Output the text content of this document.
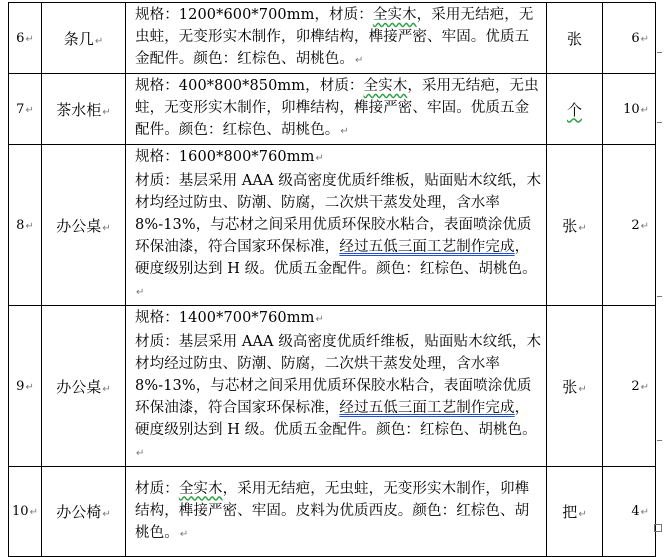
6↵	条几↵	规格：1200*600*700mm，材质：全实木，采用无结疤，无虫蛀，无变形实木制作，卯榫结构，榫接严密、牢固。优质五金配件。颜色：红棕色、胡桃色。↵	张	6↵
7↵	茶水柜↵	规格：400*800*850mm，材质：全实木，采用无结疤，无虫蛀，无变形实木制作，卯榫结构，榫接严密、牢固。优质五金配件。颜色：红棕色、胡桃色。↵	个	10↵
8↵	办公桌↵	规格：1600*800*760mm↵
材质：基层采用 AAA 级高密度优质纤维板，贴面贴木纹纸，木材均经过防虫、防潮、防腐，二次烘干蒸发处理，含水率 8%-13%，与芯材之间采用优质环保胶水粘合，表面喷涂优质环保油漆，符合国家环保标准，经过五低三面工艺制作完成，硬度级别达到 H 级。优质五金配件。颜色：红棕色、胡桃色。↵	张↵	2↵
9↵	办公桌↵	规格：1400*700*760mm↵
材质：基层采用 AAA 级高密度优质纤维板，贴面贴木纹纸，木材均经过防虫、防潮、防腐，二次烘干蒸发处理，含水率 8%-13%，与芯材之间采用优质环保胶水粘合，表面喷涂优质环保油漆，符合国家环保标准，经过五低三面工艺制作完成，硬度级别达到 H 级。优质五金配件。颜色：红棕色、胡桃色。↵	张↵	2↵
10↵	办公椅↵	材质：全实木，采用无结疤，无虫蛀，无变形实木制作，卯榫结构，榫接严密、牢固。皮料为优质西皮。颜色：红棕色、胡桃色。↵	把↵	4↵
